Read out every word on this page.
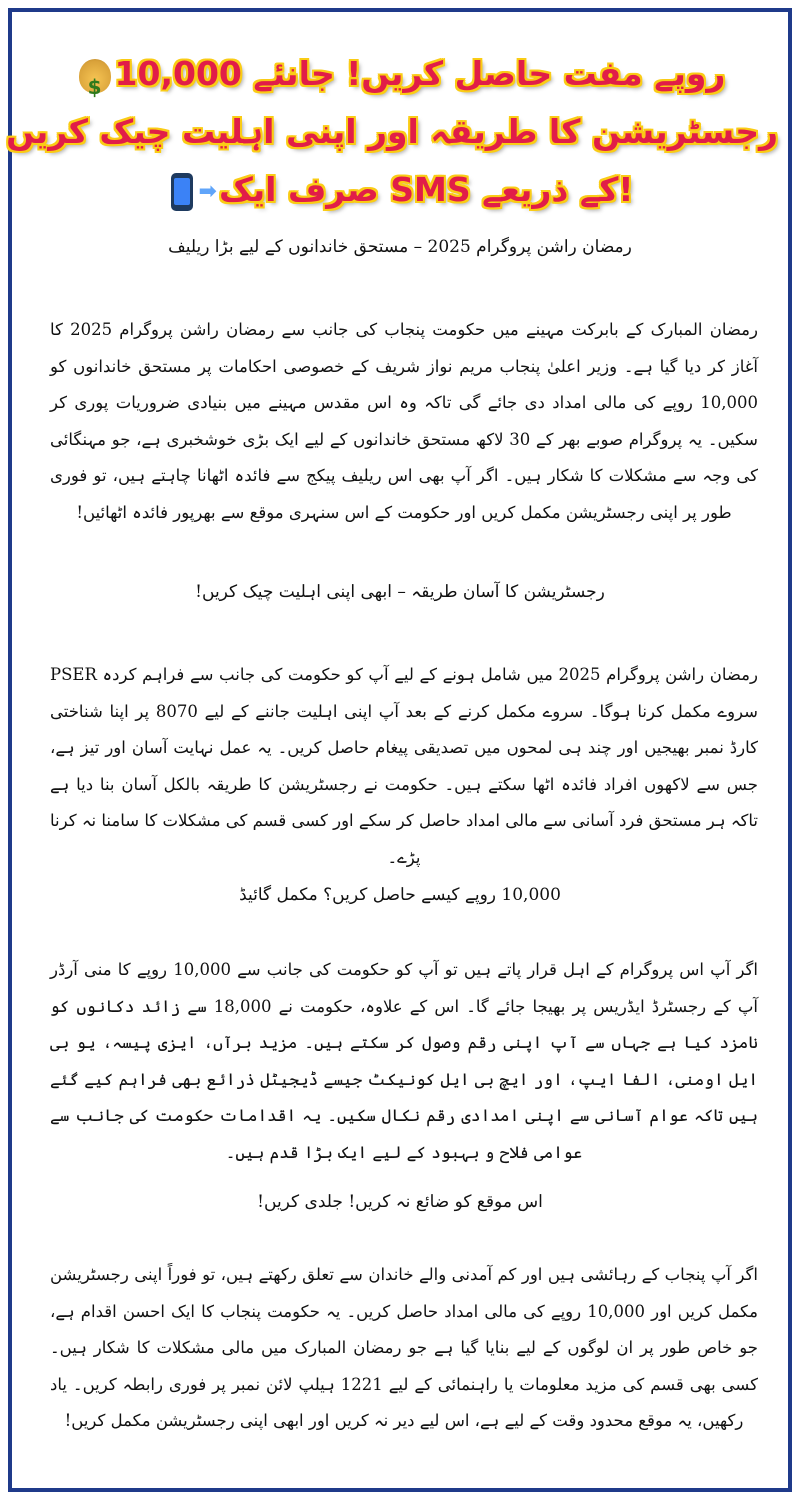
روپے مفت حاصل کریں! جانئے 10,000
$
رجسٹریشن کا طریقہ اور اپنی اہلیت چیک کریں
!کے ذریعے SMS صرف ایک➡
رمضان راشن پروگرام 2025 – مستحق خاندانوں کے لیے بڑا ریلیف

رمضان المبارک کے بابرکت مہینے میں حکومت پنجاب کی جانب سے رمضان راشن پروگرام 2025 کا آغاز کر دیا گیا ہے۔ وزیر اعلیٰ پنجاب مریم نواز شریف کے خصوصی احکامات پر مستحق خاندانوں کو 10,000 روپے کی مالی امداد دی جائے گی تاکہ وہ اس مقدس مہینے میں بنیادی ضروریات پوری کر سکیں۔ یہ پروگرام صوبے بھر کے 30 لاکھ مستحق خاندانوں کے لیے ایک بڑی خوشخبری ہے، جو مہنگائی کی وجہ سے مشکلات کا شکار ہیں۔ اگر آپ بھی اس ریلیف پیکج سے فائدہ اٹھانا چاہتے ہیں، تو فوری طور پر اپنی رجسٹریشن مکمل کریں اور حکومت کے اس سنہری موقع سے بھرپور فائدہ اٹھائیں!

رجسٹریشن کا آسان طریقہ – ابھی اپنی اہلیت چیک کریں!

رمضان راشن پروگرام 2025 میں شامل ہونے کے لیے آپ کو حکومت کی جانب سے فراہم کردہ PSER سروے مکمل کرنا ہوگا۔ سروے مکمل کرنے کے بعد آپ اپنی اہلیت جاننے کے لیے 8070 پر اپنا شناختی کارڈ نمبر بھیجیں اور چند ہی لمحوں میں تصدیقی پیغام حاصل کریں۔ یہ عمل نہایت آسان اور تیز ہے، جس سے لاکھوں افراد فائدہ اٹھا سکتے ہیں۔ حکومت نے رجسٹریشن کا طریقہ بالکل آسان بنا دیا ہے تاکہ ہر مستحق فرد آسانی سے مالی امداد حاصل کر سکے اور کسی قسم کی مشکلات کا سامنا نہ کرنا پڑے۔

10,000 روپے کیسے حاصل کریں؟ مکمل گائیڈ

اگر آپ اس پروگرام کے اہل قرار پاتے ہیں تو آپ کو حکومت کی جانب سے 10,000 روپے کا منی آرڈر آپ کے رجسٹرڈ ایڈریس پر بھیجا جائے گا۔ اس کے علاوہ، حکومت نے 18,000 سے زائد دکانوں کو نامزد کیا ہے جہاں سے آپ اپنی رقم وصول کر سکتے ہیں۔ مزید برآں، ایزی پیسہ، یو بی ایل اومنی، الفا ایپ، اور ایچ بی ایل کونیکٹ جیسے ڈیجیٹل ذرائع بھی فراہم کیے گئے ہیں تاکہ عوام آسانی سے اپنی امدادی رقم نکال سکیں۔ یہ اقدامات حکومت کی جانب سے عوامی فلاح و بہبود کے لیے ایک بڑا قدم ہیں۔

اس موقع کو ضائع نہ کریں! جلدی کریں!

اگر آپ پنجاب کے رہائشی ہیں اور کم آمدنی والے خاندان سے تعلق رکھتے ہیں، تو فوراً اپنی رجسٹریشن مکمل کریں اور 10,000 روپے کی مالی امداد حاصل کریں۔ یہ حکومت پنجاب کا ایک احسن اقدام ہے، جو خاص طور پر ان لوگوں کے لیے بنایا گیا ہے جو رمضان المبارک میں مالی مشکلات کا شکار ہیں۔ کسی بھی قسم کی مزید معلومات یا راہنمائی کے لیے 1221 ہیلپ لائن نمبر پر فوری رابطہ کریں۔ یاد رکھیں، یہ موقع محدود وقت کے لیے ہے، اس لیے دیر نہ کریں اور ابھی اپنی رجسٹریشن مکمل کریں!
